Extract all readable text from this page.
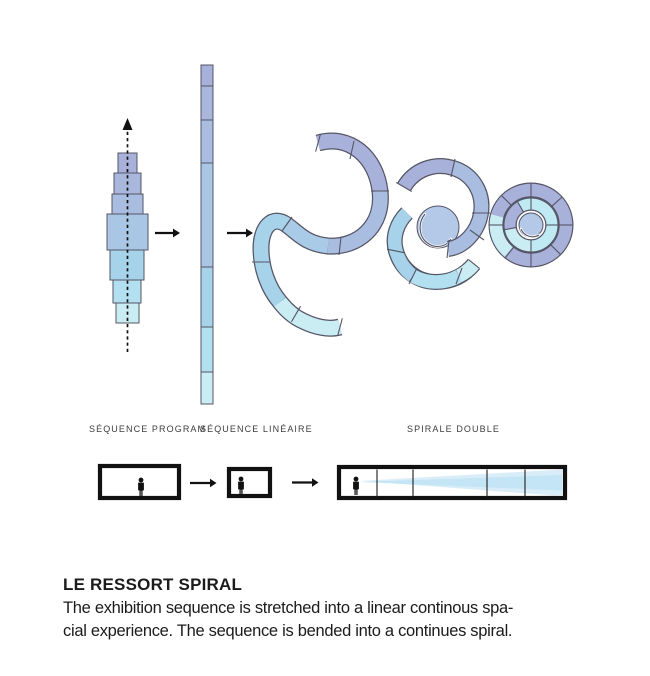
SÉQUENCE PROGRAM
SÉQUENCE LINÉAIRE	SPIRALE DOUBLE
LE RESSORT SPIRAL
The exhibition sequence is stretched into a linear continous spa-
cial experience. The sequence is bended into a continues spiral.
